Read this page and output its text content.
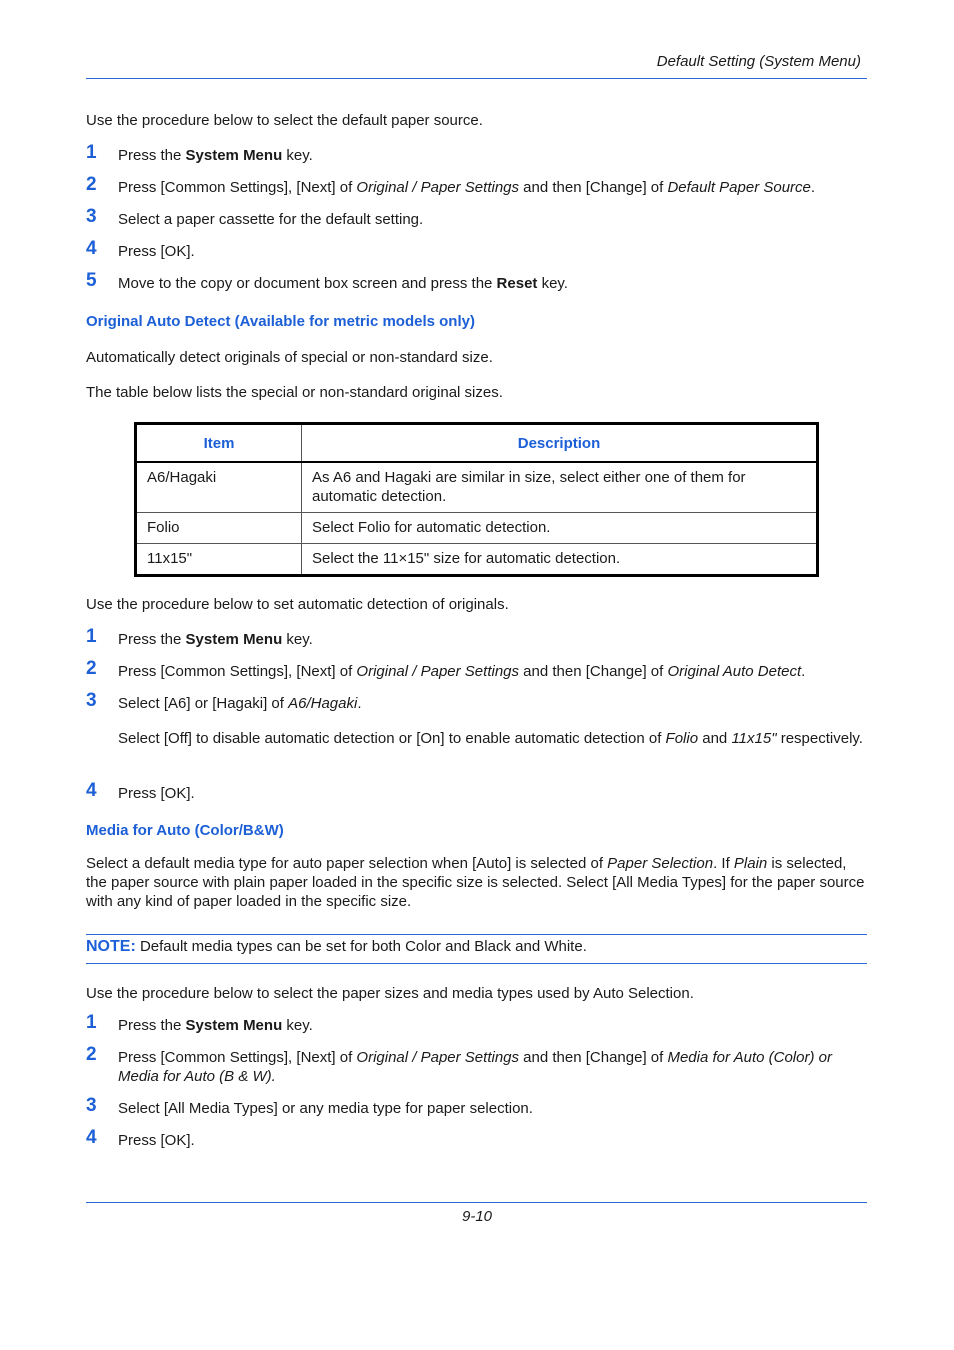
Default Setting (System Menu)
Use the procedure below to select the default paper source.
1 Press the System Menu key.
2 Press [Common Settings], [Next] of Original / Paper Settings and then [Change] of Default Paper Source.
3 Select a paper cassette for the default setting.
4 Press [OK].
5 Move to the copy or document box screen and press the Reset key.
Original Auto Detect (Available for metric models only)
Automatically detect originals of special or non-standard size.
The table below lists the special or non-standard original sizes.
Item	Description
A6/Hagaki	As A6 and Hagaki are similar in size, select either one of them for automatic detection.
Folio	Select Folio for automatic detection.
11x15"	Select the 11×15" size for automatic detection.
Use the procedure below to set automatic detection of originals.
1 Press the System Menu key.
2 Press [Common Settings], [Next] of Original / Paper Settings and then [Change] of Original Auto Detect.
3 Select [A6] or [Hagaki] of A6/Hagaki.
Select [Off] to disable automatic detection or [On] to enable automatic detection of Folio and 11x15" respectively.
4 Press [OK].
Media for Auto (Color/B&W)
Select a default media type for auto paper selection when [Auto] is selected of Paper Selection. If Plain is selected, the paper source with plain paper loaded in the specific size is selected. Select [All Media Types] for the paper source with any kind of paper loaded in the specific size.
NOTE: Default media types can be set for both Color and Black and White.
Use the procedure below to select the paper sizes and media types used by Auto Selection.
1 Press the System Menu key.
2 Press [Common Settings], [Next] of Original / Paper Settings and then [Change] of Media for Auto (Color) or Media for Auto (B & W).
3 Select [All Media Types] or any media type for paper selection.
4 Press [OK].
9-10
